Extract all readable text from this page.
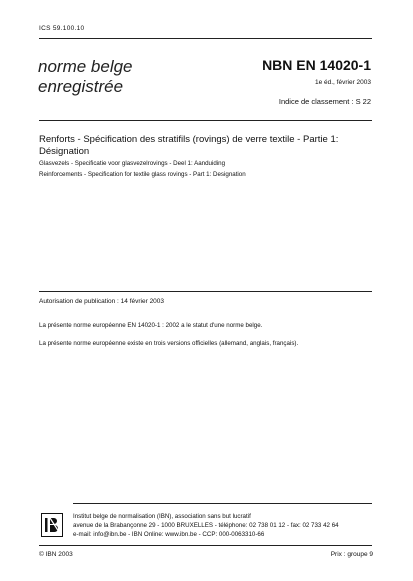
ICS 59.100.10
norme belge
enregistrée
NBN EN 14020-1
1e éd., février 2003
Indice de classement : S 22
Renforts - Spécification des stratifils (rovings) de verre textile - Partie 1: Désignation
Glasvezels - Specificatie voor glasvezelrovings - Deel 1: Aanduiding
Reinforcements - Specification for textile glass rovings - Part 1: Designation
Autorisation de publication : 14 février 2003
La présente norme européenne EN 14020-1 : 2002 a le statut d'une norme belge.
La présente norme européenne existe en trois versions officielles (allemand, anglais, français).
Institut belge de normalisation (IBN), association sans but lucratif
avenue de la Brabançonne 29 - 1000 BRUXELLES - téléphone: 02 738 01 12 - fax: 02 733 42 64
e-mail: info@ibn.be - IBN Online: www.ibn.be - CCP: 000-0063310-66
© IBN 2003	Prix : groupe 9
